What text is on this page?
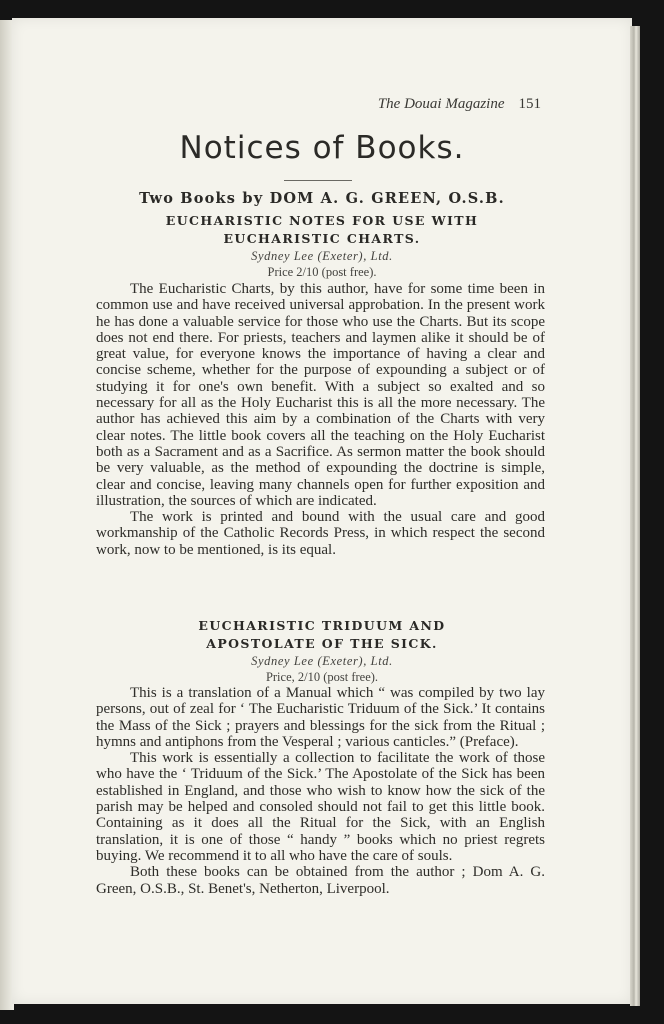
The Douai Magazine 151
Notices of Books.
Two Books by DOM A. G. GREEN, O.S.B.
EUCHARISTIC NOTES FOR USE WITH
EUCHARISTIC CHARTS.
Sydney Lee (Exeter), Ltd.
Price 2/10 (post free).

The Eucharistic Charts, by this author, have for some time been in common use and have received universal approbation. In the present work he has done a valuable service for those who use the Charts. But its scope does not end there. For priests, teachers and laymen alike it should be of great value, for everyone knows the importance of having a clear and concise scheme, whether for the purpose of expounding a subject or of studying it for one's own benefit. With a subject so exalted and so necessary for all as the Holy Eucharist this is all the more necessary. The author has achieved this aim by a combination of the Charts with very clear notes. The little book covers all the teaching on the Holy Eucharist both as a Sacrament and as a Sacrifice. As sermon matter the book should be very valuable, as the method of expounding the doctrine is simple, clear and concise, leaving many channels open for further exposition and illustration, the sources of which are indicated.

The work is printed and bound with the usual care and good workmanship of the Catholic Records Press, in which respect the second work, now to be mentioned, is its equal.

EUCHARISTIC TRIDUUM AND
APOSTOLATE OF THE SICK.
Sydney Lee (Exeter), Ltd.
Price, 2/10 (post free).

This is a translation of a Manual which “ was compiled by two lay persons, out of zeal for ‘ The Eucharistic Triduum of the Sick.’ It contains the Mass of the Sick ; prayers and blessings for the sick from the Ritual ; hymns and antiphons from the Vesperal ; various canticles.” (Preface).

This work is essentially a collection to facilitate the work of those who have the ‘ Triduum of the Sick.’ The Apostolate of the Sick has been established in England, and those who wish to know how the sick of the parish may be helped and consoled should not fail to get this little book. Containing as it does all the Ritual for the Sick, with an English translation, it is one of those “ handy ” books which no priest regrets buying. We recommend it to all who have the care of souls.

Both these books can be obtained from the author ; Dom A. G. Green, O.S.B., St. Benet's, Netherton, Liverpool.
